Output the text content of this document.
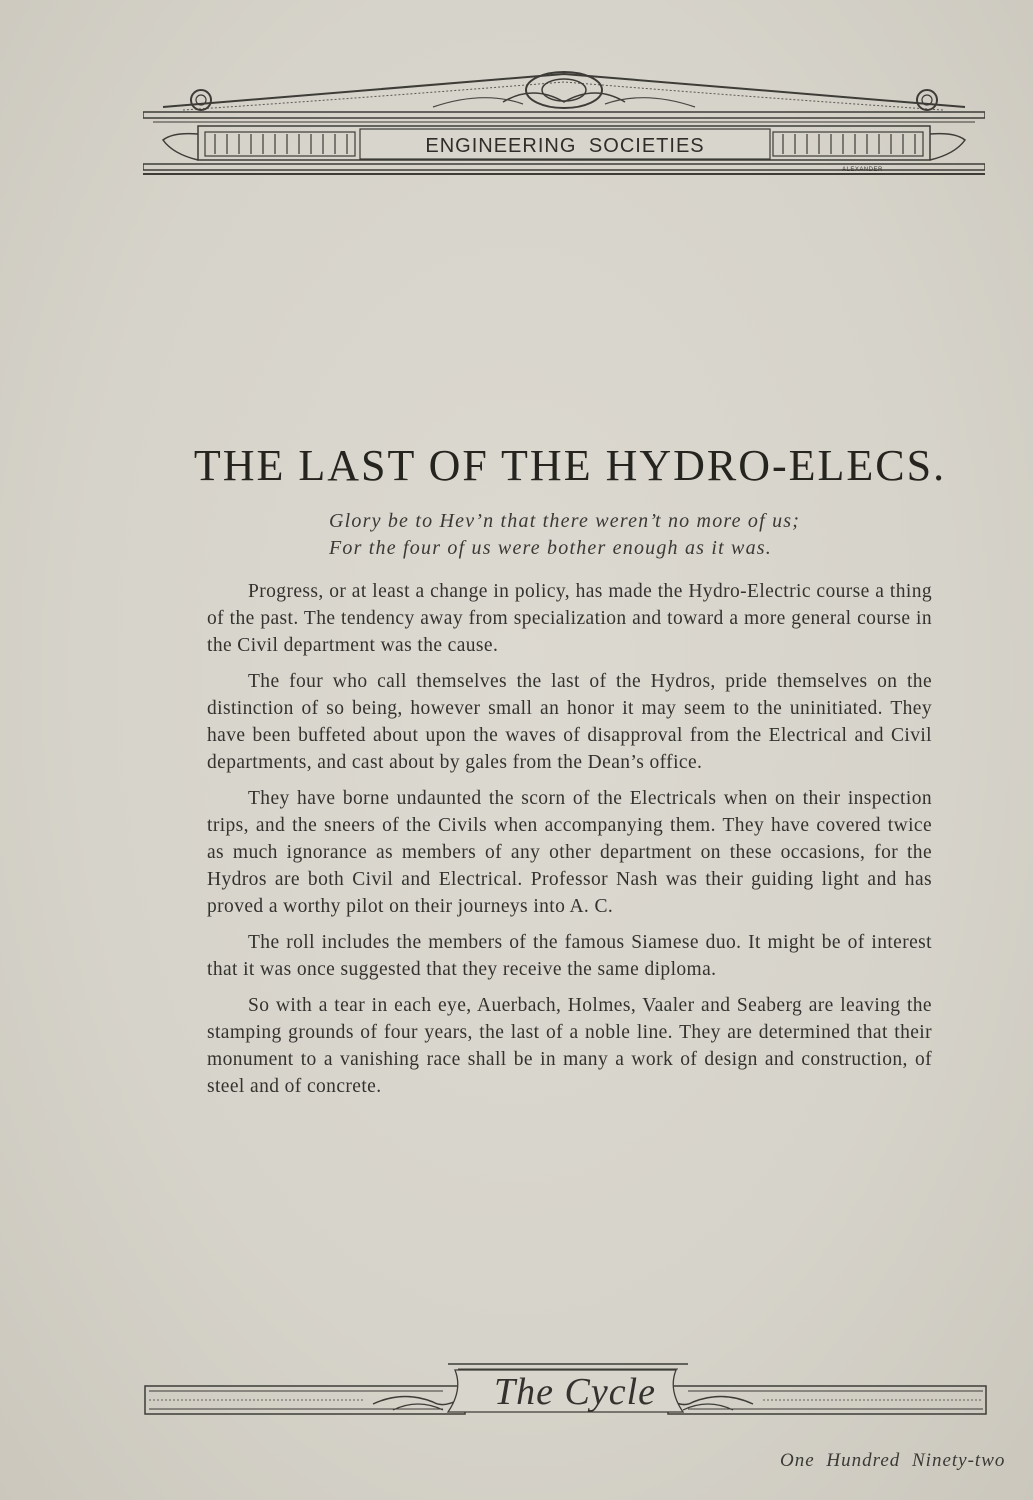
ENGINEERING SOCIETIES
ALEXANDER
THE LAST OF THE HYDRO-ELECS.
Glory be to Hev’n that there weren’t no more of us;
For the four of us were bother enough as it was.

Progress, or at least a change in policy, has made the Hydro-Electric course a thing of the past. The tendency away from specialization and toward a more general course in the Civil department was the cause.

The four who call themselves the last of the Hydros, pride themselves on the distinction of so being, however small an honor it may seem to the uninitiated. They have been buffeted about upon the waves of disapproval from the Electrical and Civil departments, and cast about by gales from the Dean’s office.

They have borne undaunted the scorn of the Electricals when on their inspection trips, and the sneers of the Civils when accompanying them. They have covered twice as much ignorance as members of any other department on these occasions, for the Hydros are both Civil and Electrical. Professor Nash was their guiding light and has proved a worthy pilot on their journeys into A. C.

The roll includes the members of the famous Siamese duo. It might be of interest that it was once suggested that they receive the same diploma.

So with a tear in each eye, Auerbach, Holmes, Vaaler and Seaberg are leaving the stamping grounds of four years, the last of a noble line. They are determined that their monument to a vanishing race shall be in many a work of design and construction, of steel and of concrete.

The Cycle
One Hundred Ninety-two
